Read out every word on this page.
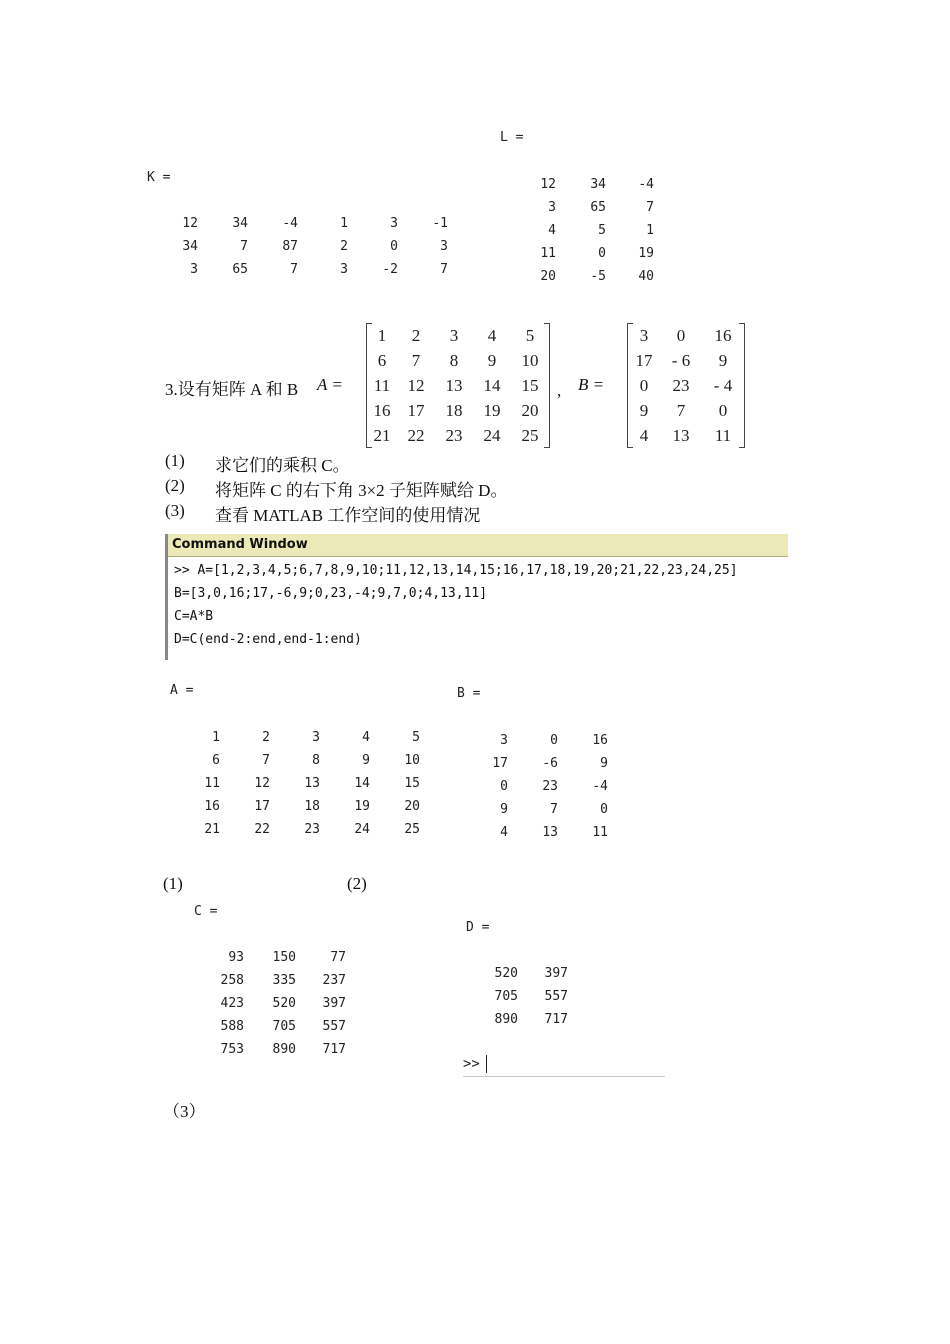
L =
12	34	-4
3	65	7
4	5	1
11	0	19
20	-5	40
K =
12	34	-4	1	3	-1
34	7	87	2	0	3
3	65	7	3	-2	7
3.设有矩阵 A 和 B A =
1	2	3	4	5
6	7	8	9	10
11	12	13	14	15
16	17	18	19	20
21	22	23	24	25
, B =
3	0	16
17	- 6	9
0	23	- 4
9	7	0
4	13	11
(1) 求它们的乘积 C。
(2) 将矩阵 C 的右下角 3×2 子矩阵赋给 D。
(3) 查看 MATLAB 工作空间的使用情况
Command Window
>> A=[1,2,3,4,5;6,7,8,9,10;11,12,13,14,15;16,17,18,19,20;21,22,23,24,25]
B=[3,0,16;17,-6,9;0,23,-4;9,7,0;4,13,11]
C=A*B
D=C(end-2:end,end-1:end)
A =
1	2	3	4	5
6	7	8	9	10
11	12	13	14	15
16	17	18	19	20
21	22	23	24	25
B =
3	0	16
17	-6	9
0	23	-4
9	7	0
4	13	11
(1)	(2)
C =
93	150	77
258	335	237
423	520	397
588	705	557
753	890	717
D =
520	397
705	557
890	717
>>
（3）
